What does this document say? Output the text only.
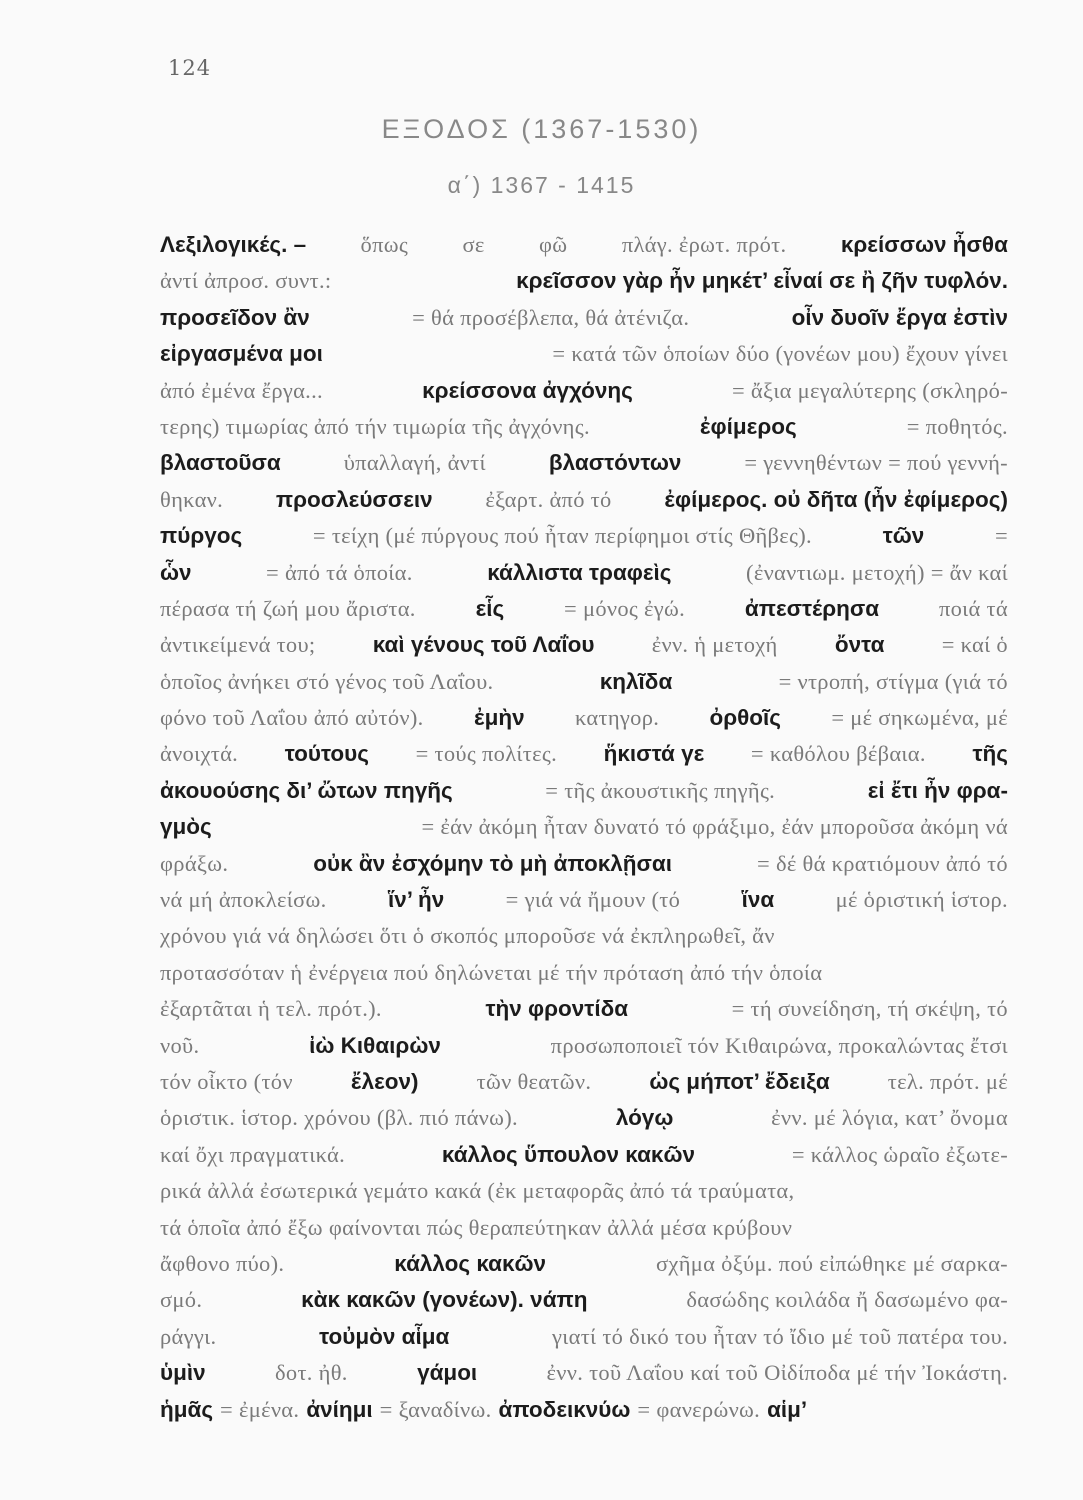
124
ΕΞΟΔΟΣ (1367-1530)
α΄) 1367 - 1415
Λεξιλογικές. – ὅπως σε φῶ πλάγ. ἐρωτ. πρότ. κρείσσων ἦσθα
ἀντί ἀπροσ. συντ.:	κρεῖσσον γὰρ ἦν μηκέτ’ εἶναί σε ἢ ζῆν τυφλόν.
προσεῖδον ἂν	= θά προσέβλεπα, θά ἀτένιζα.	οἶν δυοῖν ἔργα ἐστὶν
εἰργασμένα μοι	= κατά τῶν ὁποίων δύο (γονέων μου) ἔχουν γίνει
ἀπό ἐμένα ἔργα...	κρείσσονα ἀγχόνης	= ἄξια μεγαλύτερης (σκληρό-
τερης) τιμωρίας ἀπό τήν τιμωρία τῆς ἀγχόνης.	ἐφίμερος	= ποθητός.
βλαστοῦσα	ὑπαλλαγή, ἀντί	βλαστόντων	= γεννηθέντων = πού γεννή-
θηκαν. προσλεύσσειν ἐξαρτ. ἀπό τό ἐφίμερος. οὐ δῆτα (ἦν ἐφίμερος)
πύργος	= τείχη (μέ πύργους πού ἦταν περίφημοι στίς Θῆβες).	τῶν	=
ὧν	= ἀπό τά ὁποία.	κάλλιστα τραφεὶς	(ἐναντιωμ. μετοχή) = ἄν καί
πέρασα τή ζωή μου ἄριστα.	εἷς	= μόνος ἐγώ.	ἀπεστέρησα	ποιά τά
ἀντικείμενά του;	καὶ γένους τοῦ Λαΐου	ἐνν. ἡ μετοχή	ὄντα	= καί ὁ
ὁποῖος ἀνήκει στό γένος τοῦ Λαΐου.	κηλῖδα	= ντροπή, στίγμα (γιά τό
φόνο τοῦ Λαΐου ἀπό αὐτόν). ἐμὴν κατηγορ. ὀρθοῖς = μέ σηκωμένα, μέ
ἀνοιχτά. τούτους = τούς πολίτες. ἥκιστά γε = καθόλου βέβαια. τῆς
ἀκουούσης δι’ ὤτων πηγῆς	= τῆς ἀκουστικῆς πηγῆς.	εἰ ἔτι ἦν φρα-
γμὸς	= ἐάν ἀκόμη ἦταν δυνατό τό φράξιμο, ἐάν μποροῦσα ἀκόμη νά
φράξω.	οὐκ ἂν ἐσχόμην τὸ μὴ ἀποκλῇσαι	= δέ θά κρατιόμουν ἀπό τό
νά μή ἀποκλείσω.	ἵν’ ἦν	= γιά νά ἤμουν (τό	ἵνα	μέ ὁριστική ἱστορ.
χρόνου γιά νά δηλώσει ὅτι ὁ σκοπός μποροῦσε νά ἐκπληρωθεῖ, ἄν
προτασσόταν ἡ ἐνέργεια πού δηλώνεται μέ τήν πρόταση ἀπό τήν ὁποία
ἐξαρτᾶται ἡ τελ. πρότ.).	τὴν φροντίδα	= τή συνείδηση, τή σκέψη, τό
νοῦ.	ἰὼ Κιθαιρὼν	προσωποποιεῖ τόν Κιθαιρώνα, προκαλώντας ἔτσι
τόν οἶκτο (τόν	ἔλεον)	τῶν θεατῶν.	ὡς μήποτ’ ἔδειξα	τελ. πρότ. μέ
ὁριστικ. ἱστορ. χρόνου (βλ. πιό πάνω).	λόγῳ	ἐνν. μέ λόγια, κατ’ ὄνομα
καί ὄχι πραγματικά.	κάλλος ὕπουλον κακῶν	= κάλλος ὡραῖο ἐξωτε-
ρικά ἀλλά ἐσωτερικά γεμάτο κακά (ἐκ μεταφορᾶς ἀπό τά τραύματα,
τά ὁποῖα ἀπό ἔξω φαίνονται πώς θεραπεύτηκαν ἀλλά μέσα κρύβουν
ἄφθονο πύο).	κάλλος κακῶν	σχῆμα ὀξύμ. πού εἰπώθηκε μέ σαρκα-
σμό.	κὰκ κακῶν (γονέων). νάπη	δασώδης κοιλάδα ἤ δασωμένο φα-
ράγγι.	τοὐμὸν αἷμα	γιατί τό δικό του ἦταν τό ἴδιο μέ τοῦ πατέρα του.
ὑμὶν	δοτ. ἠθ.	γάμοι	ἐνν. τοῦ Λαΐου καί τοῦ Οἰδίποδα μέ τήν Ἰοκάστη.
ἡμᾶς = ἐμένα. ἀνίημι = ξαναδίνω. ἀποδεικνύω = φανερώνω. αἱμ’
